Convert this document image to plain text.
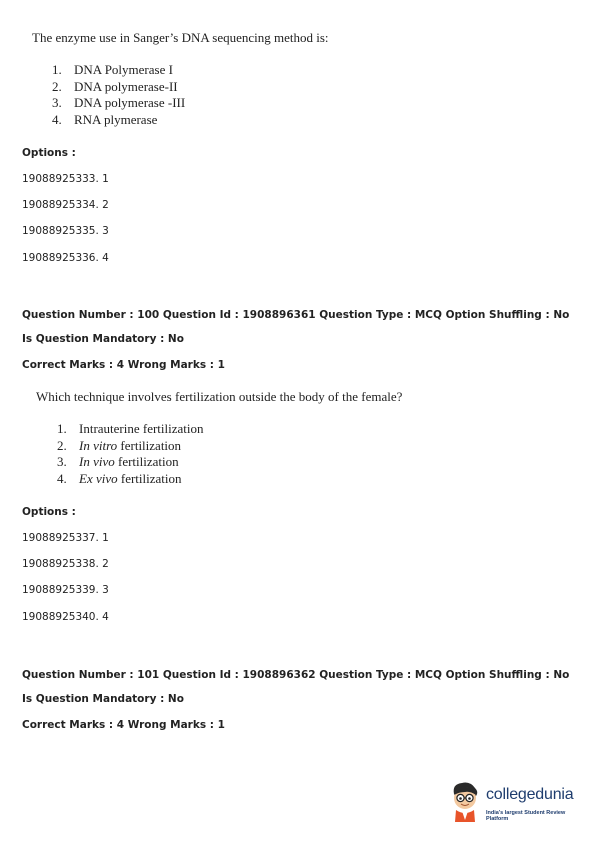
The enzyme use in Sanger’s DNA sequencing method is:
1. DNA Polymerase I
2. DNA polymerase-II
3. DNA polymerase -III
4. RNA plymerase
Options :
19088925333. 1
19088925334. 2
19088925335. 3
19088925336. 4
Question Number : 100 Question Id : 1908896361 Question Type : MCQ Option Shuffling : No
Is Question Mandatory : No
Correct Marks : 4 Wrong Marks : 1
Which technique involves fertilization outside the body of the female?
1. Intrauterine fertilization
2. In vitro fertilization
3. In vivo fertilization
4. Ex vivo fertilization
Options :
19088925337. 1
19088925338. 2
19088925339. 3
19088925340. 4
Question Number : 101 Question Id : 1908896362 Question Type : MCQ Option Shuffling : No
Is Question Mandatory : No
Correct Marks : 4 Wrong Marks : 1
collegedunia
India's largest Student Review Platform
